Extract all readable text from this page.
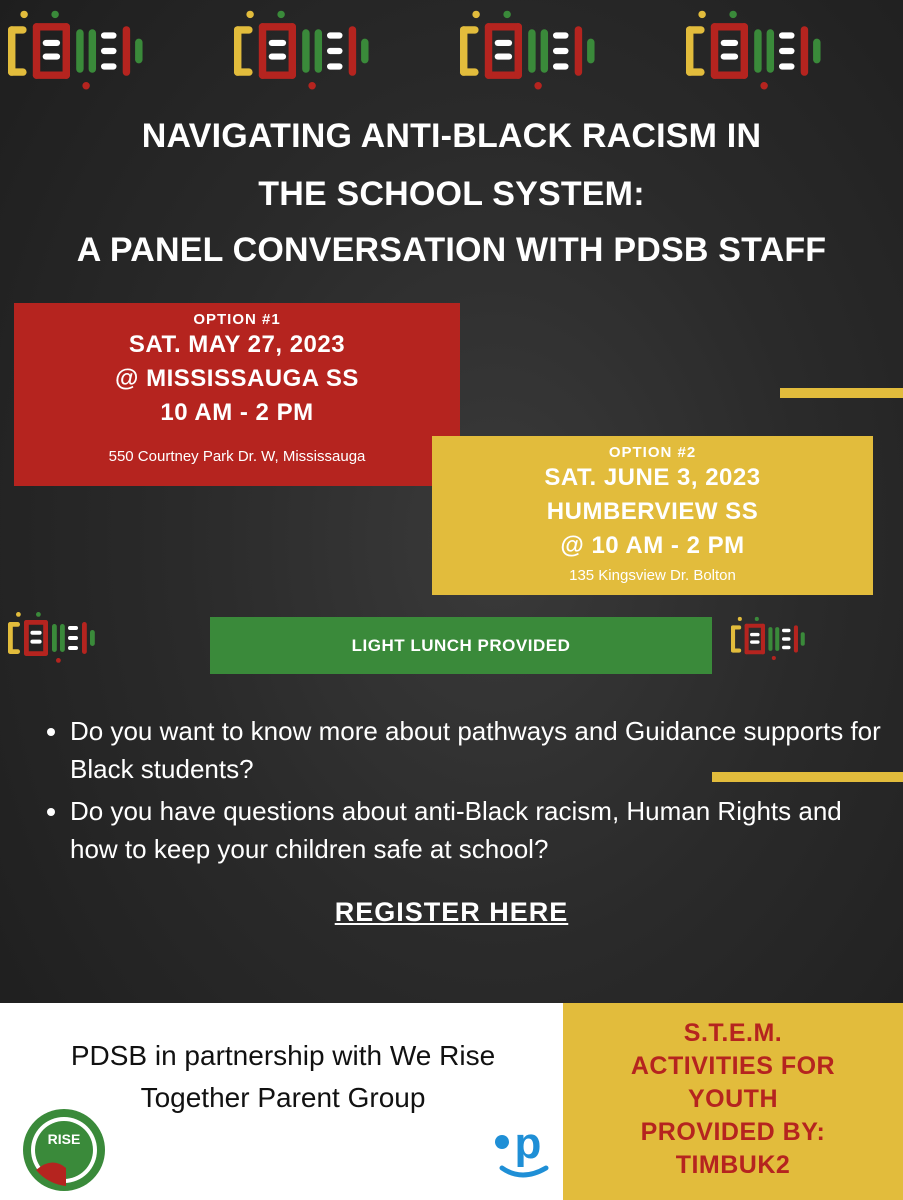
NAVIGATING ANTI-BLACK RACISM IN
THE SCHOOL SYSTEM:
A PANEL CONVERSATION WITH PDSB STAFF
OPTION #1
SAT. MAY 27, 2023
@ MISSISSAUGA SS
10 AM - 2 PM
550 Courtney Park Dr. W, Mississauga	OPTION #2
SAT. JUNE 3, 2023
HUMBERVIEW SS
@ 10 AM - 2 PM
135 Kingsview Dr. Bolton
LIGHT LUNCH PROVIDED
• Do you want to know more about pathways and Guidance supports for Black students?
• Do you have questions about anti-Black racism, Human Rights and how to keep your children safe at school?
REGISTER HERE
PDSB in partnership with We Rise
Together Parent Group
RISE	p
S.T.E.M.
ACTIVITIES FOR
YOUTH
PROVIDED BY:
TIMBUK2
